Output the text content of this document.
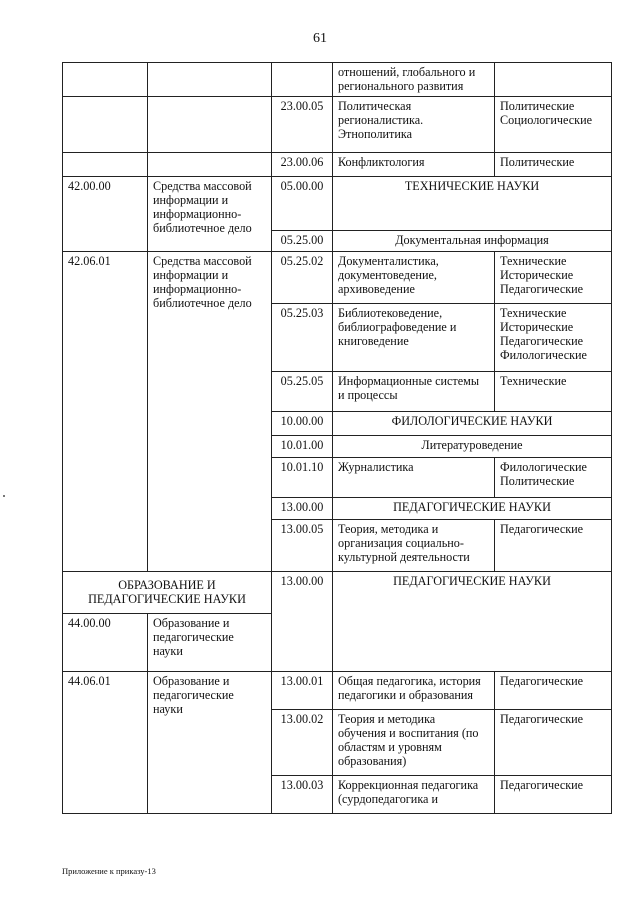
61

			отношений, глобального и
регионального развития	

		23.00.05	Политическая
регионалистика.
Этнополитика	Политические
Социологические

		23.00.06	Конфликтология	Политические
42.00.00	Средства массовой
информации и
информационно-
библиотечное дело	05.00.00	ТЕХНИЧЕСКИЕ НАУКИ	
		05.25.00	Документальная информация	
42.06.01	Средства массовой
информации и
информационно-
библиотечное дело	05.25.02	Документалистика,
документоведение,
архивоведение	Технические
Исторические
Педагогические

		05.25.03	Библиотековедение,
библиографоведение и
книговедение	Технические
Исторические
Педагогические
Филологические

		05.25.05	Информационные системы
и процессы	Технические
		10.00.00	ФИЛОЛОГИЧЕСКИЕ НАУКИ	
		10.01.00	Литературоведение	
		10.01.10	Журналистика	Филологические
Политические

		13.00.00	ПЕДАГОГИЧЕСКИЕ НАУКИ	
		13.00.05	Теория, методика и
организация социально-
культурной деятельности	Педагогические

ОБРАЗОВАНИЕ И
ПЕДАГОГИЧЕСКИЕ НАУКИ		13.00.00	ПЕДАГОГИЧЕСКИЕ НАУКИ	
44.00.00	Образование и
педагогические
науки			

44.06.01	Образование и
педагогические
науки	13.00.01	Общая педагогика, история
педагогики и образования	Педагогические
		13.00.02	Теория и методика
обучения и воспитания (по
областям и уровням
образования)	Педагогические
		13.00.03	Коррекционная педагогика
(сурдопедагогика и	Педагогические
Приложение к приказу-13
